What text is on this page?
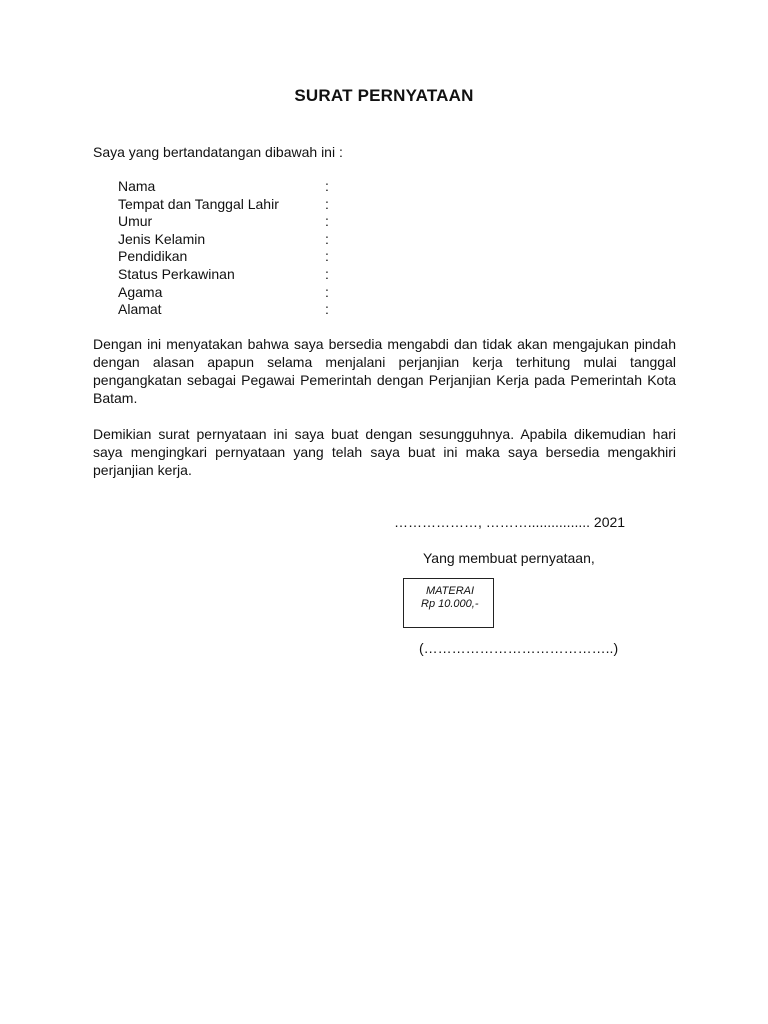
SURAT PERNYATAAN
Saya yang bertandatangan dibawah ini :
Nama	:
Tempat dan Tanggal Lahir	:
Umur	:
Jenis Kelamin	:
Pendidikan	:
Status Perkawinan	:
Agama	:
Alamat	:
Dengan ini menyatakan bahwa saya bersedia mengabdi dan tidak akan mengajukan pindah dengan alasan apapun selama menjalani perjanjian kerja terhitung mulai tanggal pengangkatan sebagai Pegawai Pemerintah dengan Perjanjian Kerja pada Pemerintah Kota Batam.
Demikian surat pernyataan ini saya buat dengan sesungguhnya. Apabila dikemudian hari saya mengingkari pernyataan yang telah saya buat ini maka saya bersedia mengakhiri perjanjian kerja.
………………, ………................ 2021
Yang membuat pernyataan,
MATERAI
Rp 10.000,-
(…………………………………..)
